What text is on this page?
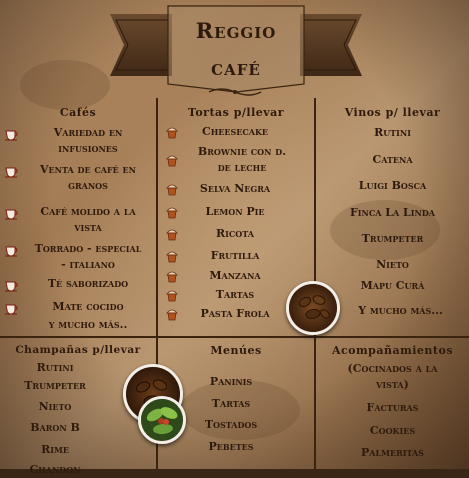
Reggio
café
Cafés
Variedad en
infusiones
Venta de café en
granos
Café molido a la
vista
Torrado - especial
- italiano
Té saborizado
Mate cocido
y mucho más..
Tortas p/llevar
Cheesecake
Brownie con d.
de leche
Selva Negra
Lemon Pie
Ricota
Frutilla
Manzana
Tartas
Pasta Frola
Vinos p/ llevar
Rutini
Catena
Luigi Bosca
Finca La Linda
Trumpeter
Nieto
Mapu Curá
Y mucho más...
Champañas p/llevar
Rutini
Trumpeter
Nieto
Baron B
Rime
Chandon
Menúes
Paninis
Tartas
Tostados
Pebetes
Acompañamientos
(Cocinados a la
vista)
Facturas
Cookies
Palmeritas
